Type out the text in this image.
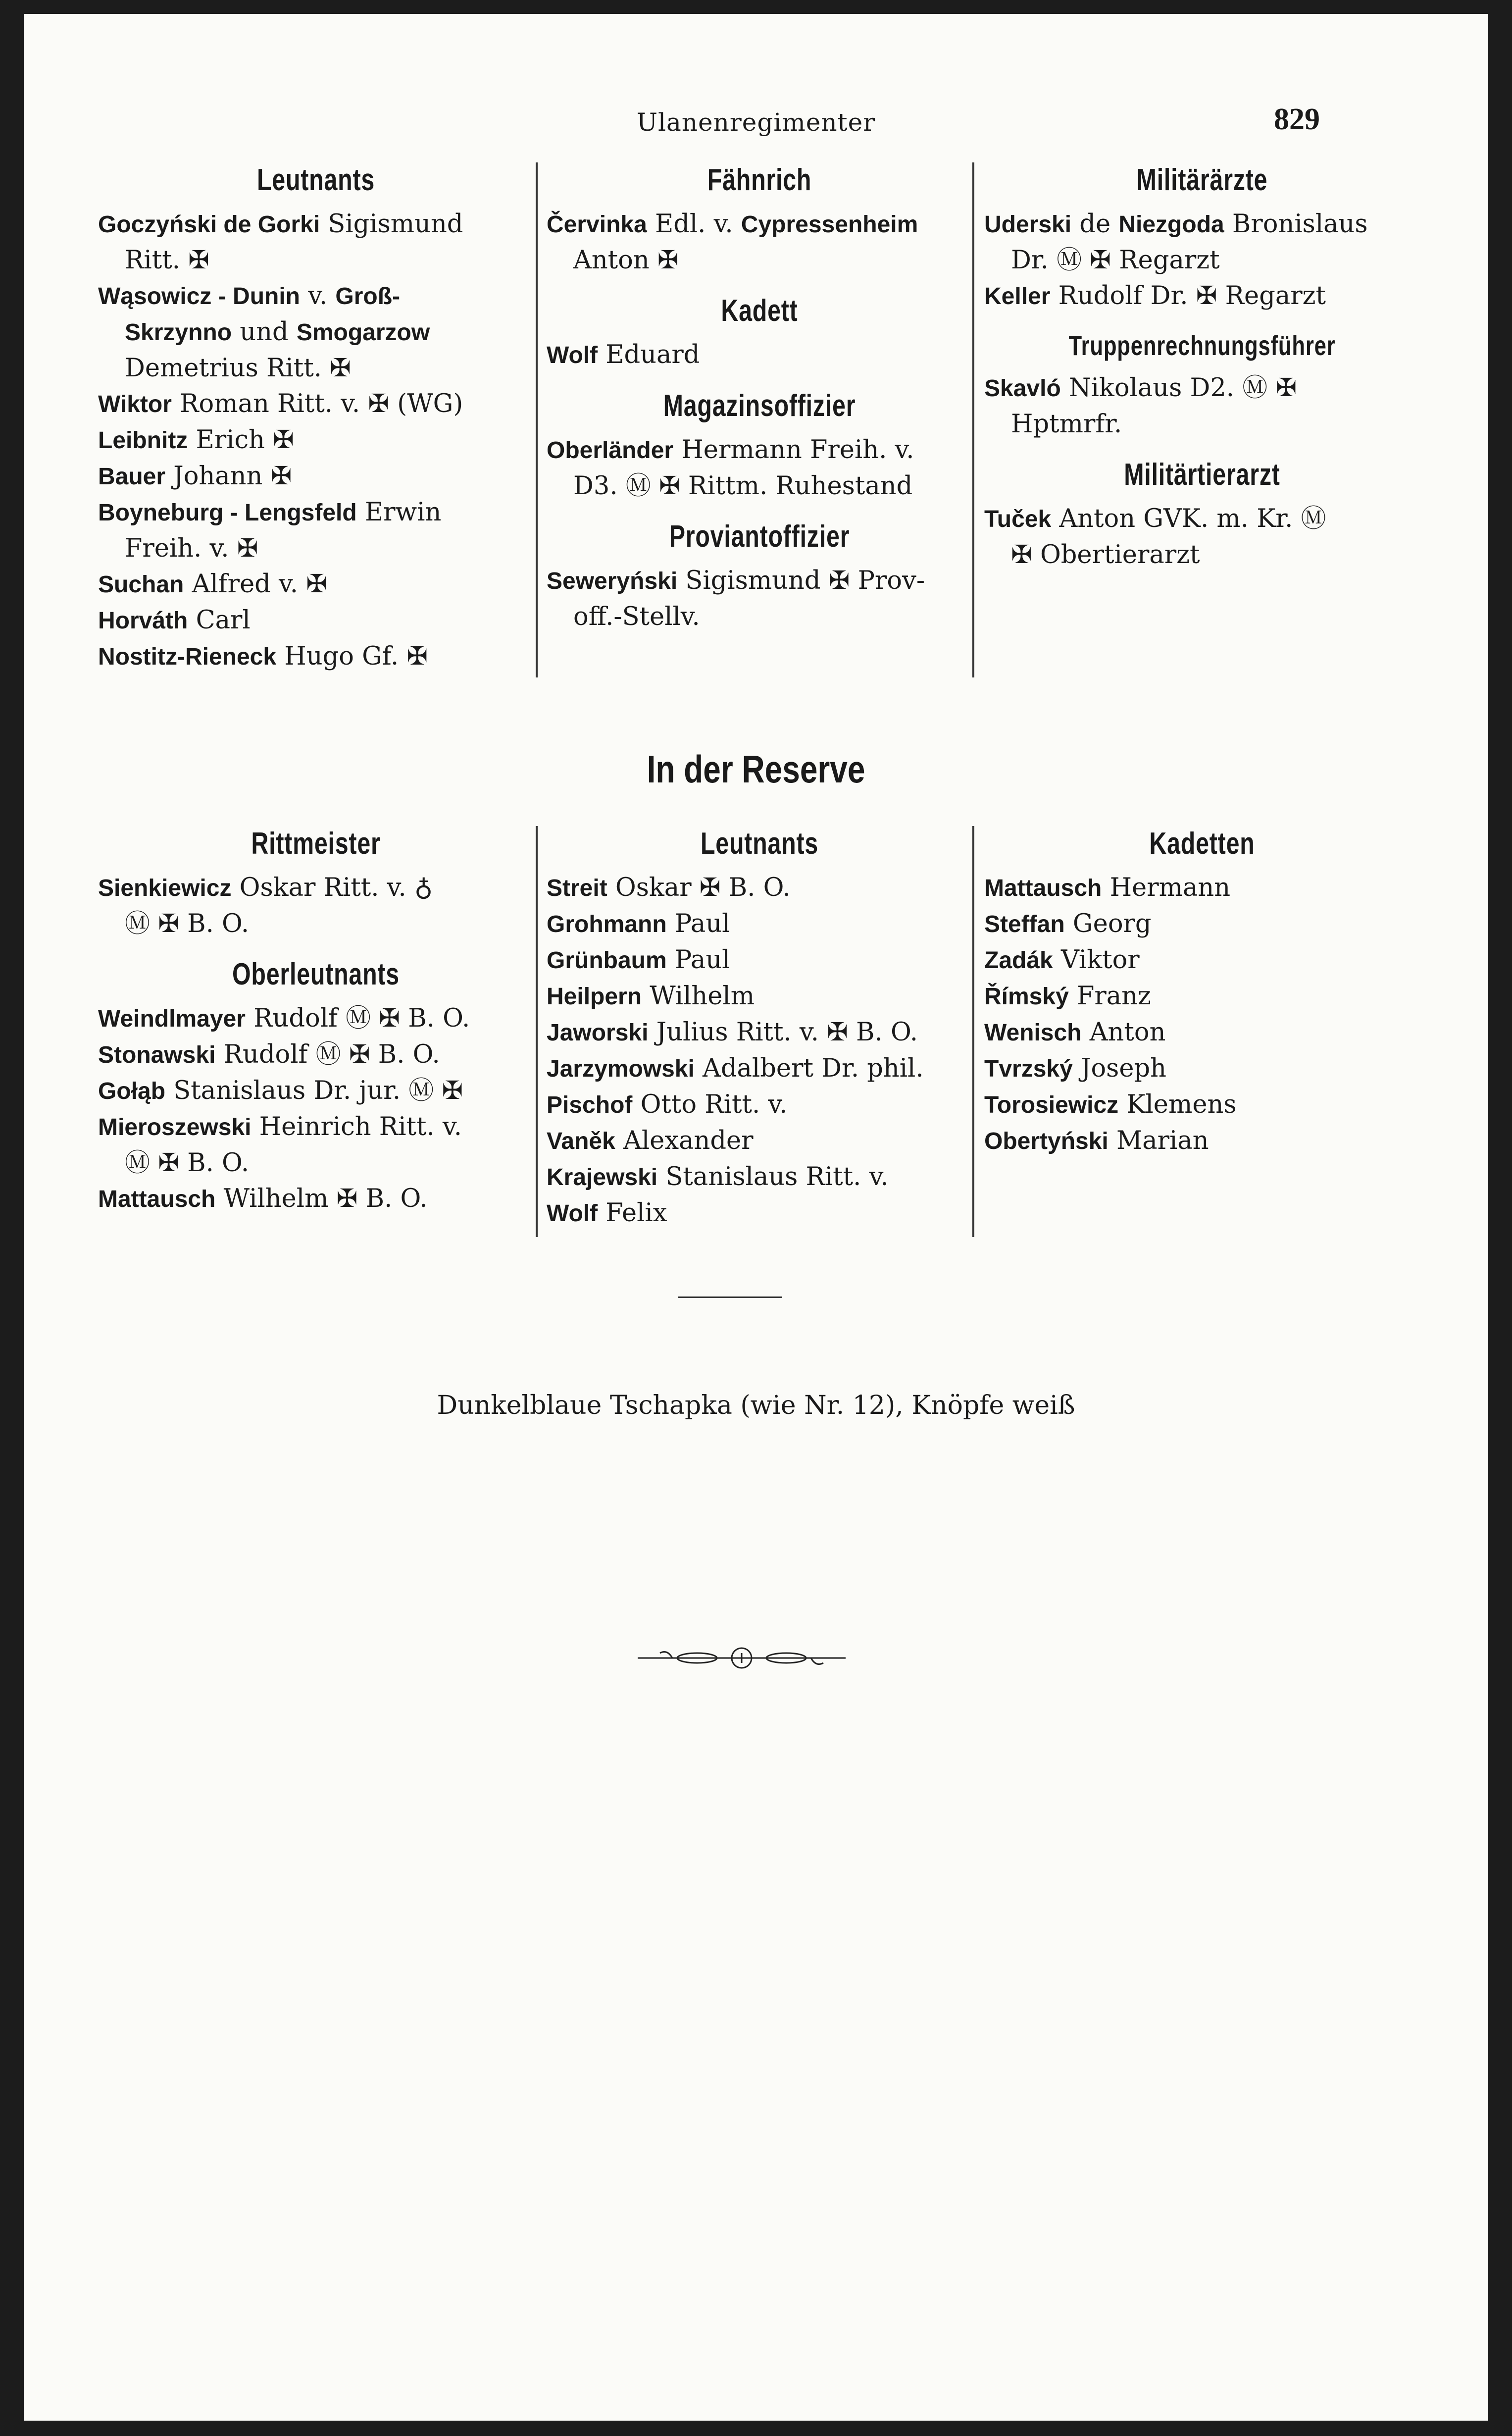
Ulanenregimenter	829
Leutnants
Goczyński de Gorki Sigismund
Ritt. ✠
Wąsowicz - Dunin v. Groß-
Skrzynno und Smogarzow
Demetrius Ritt. ✠
Wiktor Roman Ritt. v. ✠ (WG)
Leibnitz Erich ✠
Bauer Johann ✠
Boyneburg - Lengsfeld Erwin
Freih. v. ✠
Suchan Alfred v. ✠
Horváth Carl
Nostitz-Rieneck Hugo Gf. ✠
Fähnrich
Červinka Edl. v. Cypressenheim
Anton ✠
Kadett
Wolf Eduard
Magazinsoffizier
Oberländer Hermann Freih. v.
D3. Ⓜ ✠ Rittm. Ruhestand
Proviantoffizier
Seweryński Sigismund ✠ Prov-
off.-Stellv.
Militärärzte
Uderski de Niezgoda Bronislaus
Dr. Ⓜ ✠ Regarzt
Keller Rudolf Dr. ✠ Regarzt
Truppenrechnungsführer
Skavló Nikolaus D2. Ⓜ ✠
Hptmrfr.
Militärtierarzt
Tuček Anton GVK. m. Kr. Ⓜ
✠ Obertierarzt
In der Reserve
Rittmeister
Sienkiewicz Oskar Ritt. v. ♁
Ⓜ ✠ B. O.
Oberleutnants
Weindlmayer Rudolf Ⓜ ✠ B. O.
Stonawski Rudolf Ⓜ ✠ B. O.
Gołąb Stanislaus Dr. jur. Ⓜ ✠
Mieroszewski Heinrich Ritt. v.
Ⓜ ✠ B. O.
Mattausch Wilhelm ✠ B. O.
Leutnants
Streit Oskar ✠ B. O.
Grohmann Paul
Grünbaum Paul
Heilpern Wilhelm
Jaworski Julius Ritt. v. ✠ B. O.
Jarzymowski Adalbert Dr. phil.
Pischof Otto Ritt. v.
Vaněk Alexander
Krajewski Stanislaus Ritt. v.
Wolf Felix
Kadetten
Mattausch Hermann
Steffan Georg
Zadák Viktor
Římský Franz
Wenisch Anton
Tvrzský Joseph
Torosiewicz Klemens
Obertyński Marian
Dunkelblaue Tschapka (wie Nr. 12), Knöpfe weiß
